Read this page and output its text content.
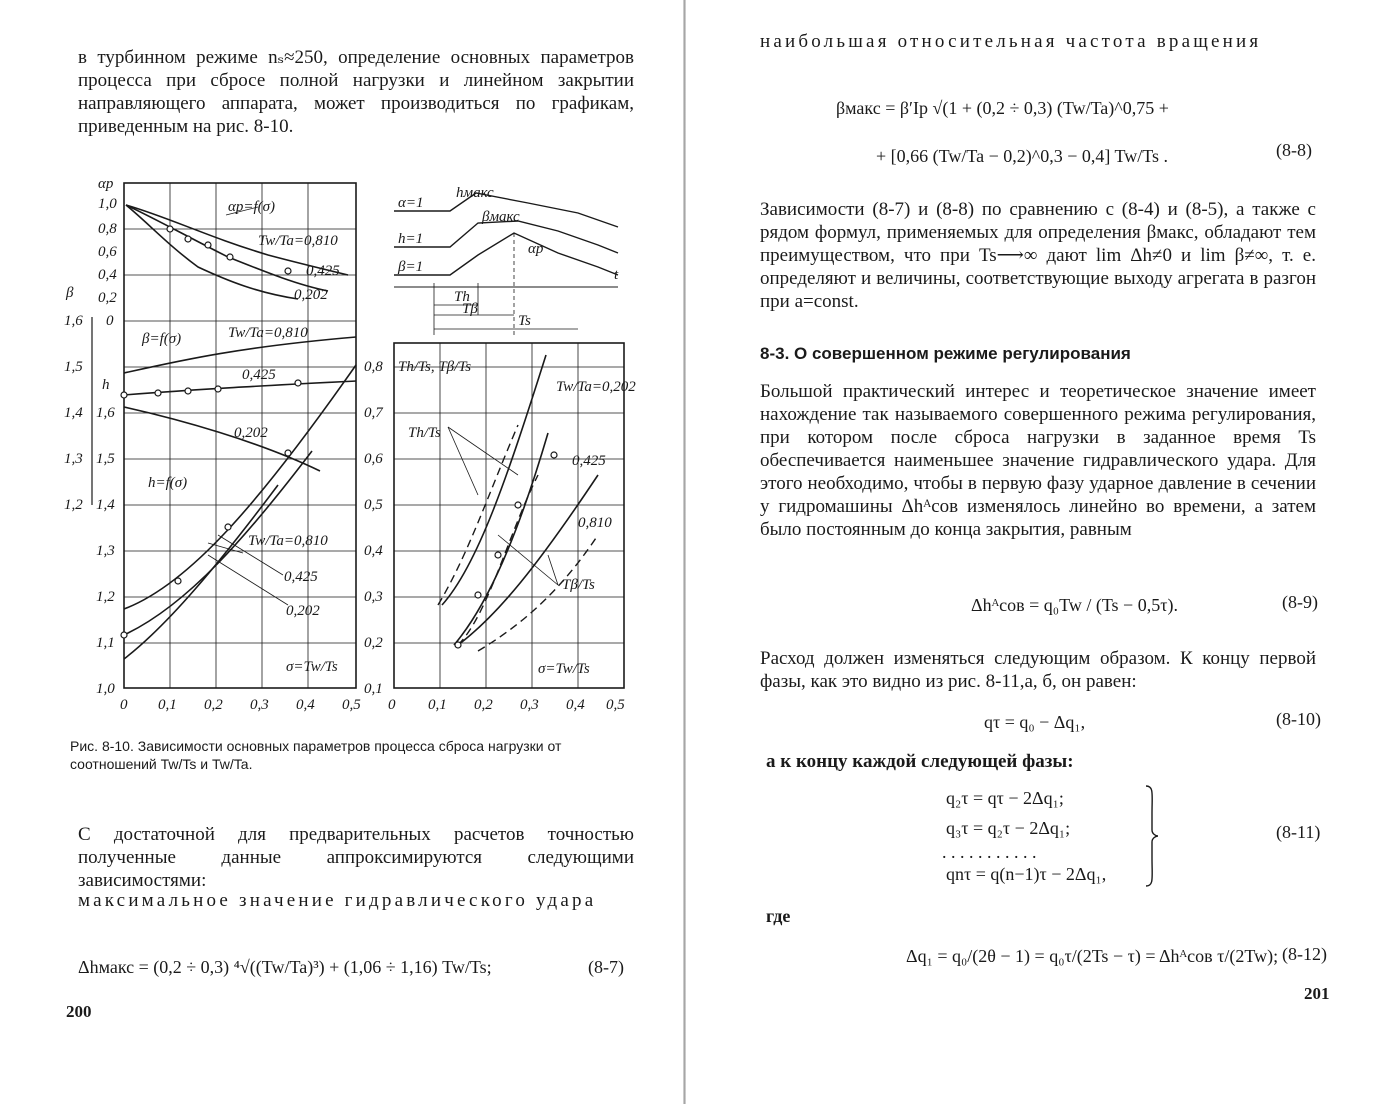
в турбинном режиме nₛ≈250, определение основных параметров процесса при сбросе полной нагрузки и линейном закрытии направляющего аппарата, может производиться по графикам, приведенным на рис. 8-10.

αp
1,0
0,8
0,6
0,4
0,2
0
β
1,6
1,5
1,4
1,3
1,2
h
1,6
1,5
1,4
1,3
1,2
1,1
1,0
0 0,1 0,2 0,3 0,4 0,5
αp=f(σ)
Tw/Ta=0,810
0,425
0,202
β=f(σ)	Tw/Ta=0,810
0,425
0,202
h=f(σ)
Tw/Ta=0,810
0,425
0,202
σ=Tw/Ts
α=1
h=1
β=1
hмакс
βмакс
αp
t
Th
Tβ
Ts
Th/Ts, Tβ/Ts
0,8
0,7
0,6
0,5
0,4
0,3
0,2
0,1
0 0,1 0,2 0,3 0,4 0,5
Th/Ts
Tβ/Ts
σ=Tw/Ts
Tw/Ta=0,202
0,425
0,810

Рис. 8-10. Зависимости основных параметров процесса сброса нагрузки от соотношений Tw/Ts и Tw/Ta.

С достаточной для предварительных расчетов точностью полученные данные аппроксимируются следующими зависимостями:

максимальное значение гидравлического удара

Δhмакс = (0,2 ÷ 0,3) ⁴√((Tw/Ta)³) + (1,06 ÷ 1,16) Tw/Ts;	(8-7)
200

наибольшая относительная частота вращения

βмакс = β′Iр √(1 + (0,2 ÷ 0,3) (Tw/Ta)^0,75 +
+ [0,66 (Tw/Ta − 0,2)^0,3 − 0,4] Tw/Ts .	(8-8)

Зависимости (8-7) и (8-8) по сравнению с (8-4) и (8-5), а также с рядом формул, применяемых для определения βмакс, обладают тем преимуществом, что при Ts⟶∞ дают lim Δh≠0 и lim β≠∞, т. е. определяют и величины, соответствующие выходу агрегата в разгон при a=const.

8-3. О совершенном режиме регулирования

Большой практический интерес и теоретическое значение имеет нахождение так называемого совершенного режима регулирования, при котором после сброса нагрузки в заданное время Ts обеспечивается наименьшее значение гидравлического удара. Для этого необходимо, чтобы в первую фазу ударное давление в сечении у гидромашины Δhᴬсов изменялось линейно во времени, а затем было постоянным до конца закрытия, равным

Δhᴬсов = q₀Tw / (Ts − 0,5τ).	(8-9)

Расход должен изменяться следующим образом. К концу первой фазы, как это видно из рис. 8-11,a, б, он равен:

qτ = q₀ − Δq₁,	(8-10)

а к концу каждой следующей фазы:

q₂τ = qτ − 2Δq₁;
q₃τ = q₂τ − 2Δq₁;
. . . . . . . . . . .
qnτ = q(n−1)τ − 2Δq₁,
(8-11)
где
Δq₁ = q₀/(2θ − 1) = q₀τ/(2Ts − τ) = Δhᴬсов τ/(2Tw); (8-12)
201
